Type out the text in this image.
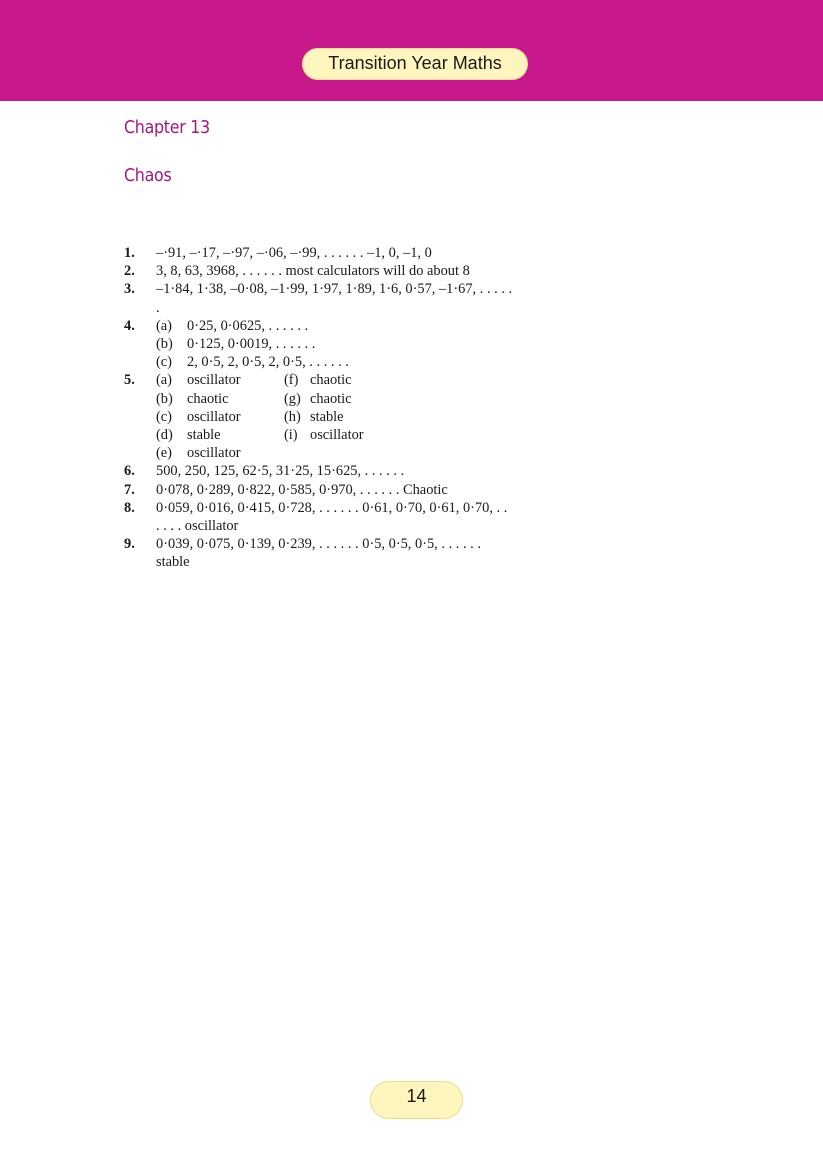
Transition Year Maths
Chapter 13
Chaos
1.	–·91, –·17, –·97, –·06, –·99, . . . . . . –1, 0, –1, 0
2.	3, 8, 63, 3968, . . . . . . most calculators will do about 8
3.	–1·84, 1·38, –0·08, –1·99, 1·97, 1·89, 1·6, 0·57, –1·67, . . . . . .
4.	(a)	0·25, 0·0625, . . . . . .
(b) 0·125, 0·0019, . . . . . .
(c)	2, 0·5, 2, 0·5, 2, 0·5, . . . . . .
5.	(a)	oscillator	(f) chaotic
(b) chaotic	(g) chaotic
(c)	oscillator	(h) stable
(d) stable	(i) oscillator
(e)	oscillator
6.	500, 250, 125, 62·5, 31·25, 15·625, . . . . . .
7.	0·078, 0·289, 0·822, 0·585, 0·970, . . . . . . Chaotic
8.	0·059, 0·016, 0·415, 0·728, . . . . . . 0·61, 0·70, 0·61, 0·70, . . . . . . oscillator
9.	0·039, 0·075, 0·139, 0·239, . . . . . . 0·5, 0·5, 0·5, . . . . . . stable
14
